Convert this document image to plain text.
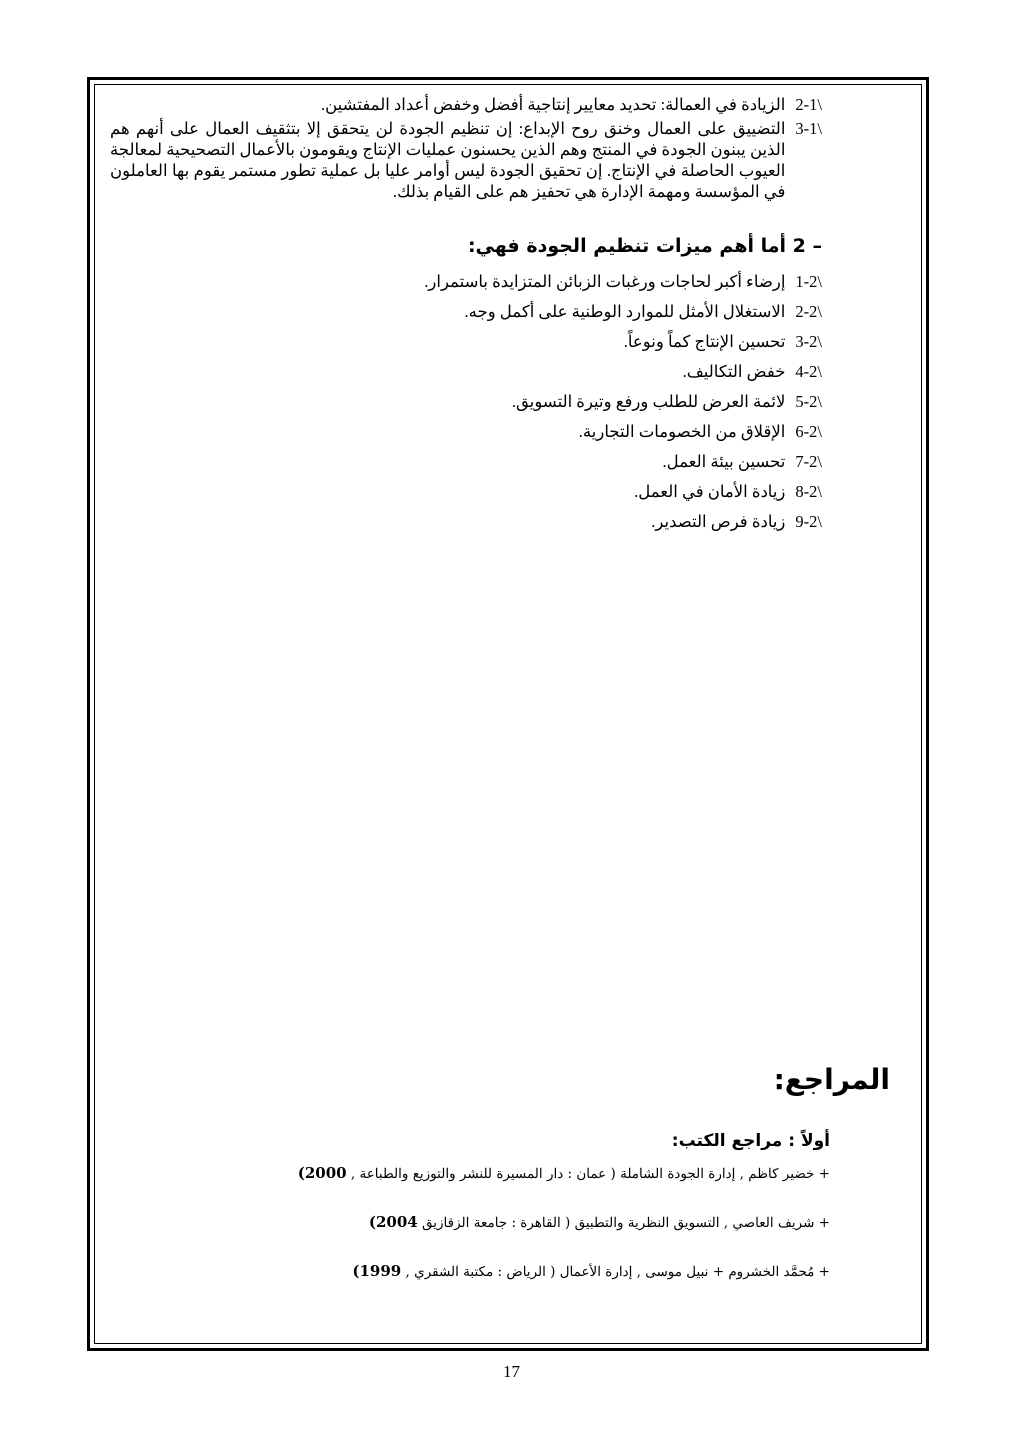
2-1\
الزيادة في العمالة: تحديد معايير إنتاجية أفضل وخفض أعداد المفتشين.
3-1\
التضييق على العمال وخنق روح الإبداع: إن تنظيم الجودة لن يتحقق إلا بتثقيف العمال على أنهم هم الذين يبنون الجودة في المنتج وهم الذين يحسنون عمليات الإنتاج ويقومون بالأعمال التصحيحية لمعالجة العيوب الحاصلة في الإنتاج. إن تحقيق الجودة ليس أوامر عليا بل عملية تطور مستمر يقوم بها العاملون في المؤسسة ومهمة الإدارة هي تحفيز هم على القيام بذلك.
2 – أما أهم ميزات تنظيم الجودة فهي:
1-2\
إرضاء أكبر لحاجات ورغبات الزبائن المتزايدة باستمرار.
2-2\
الاستغلال الأمثل للموارد الوطنية على أكمل وجه.
3-2\
تحسين الإنتاج كماً ونوعاً.
4-2\
خفض التكاليف.
5-2\
لائمة العرض للطلب ورفع وتيرة التسويق.
6-2\
الإقلاق من الخصومات التجارية.
7-2\
تحسين بيئة العمل.
8-2\
زيادة الأمان في العمل.
9-2\
زيادة فرص التصدير.
المراجع:
أولاً : مراجع الكتب:
+ خضير كاظم , إدارة الجودة الشاملة ( عمان : دار المسيرة للنشر والتوزيع والطباعة , 2000)
+ شريف العاصي , التسويق النظرية والتطبيق ( القاهرة : جامعة الزقازيق 2004)
+ مُحمَّد الخشروم + نبيل موسى , إدارة الأعمال ( الرياض : مكتبة الشقري , 1999)
17
